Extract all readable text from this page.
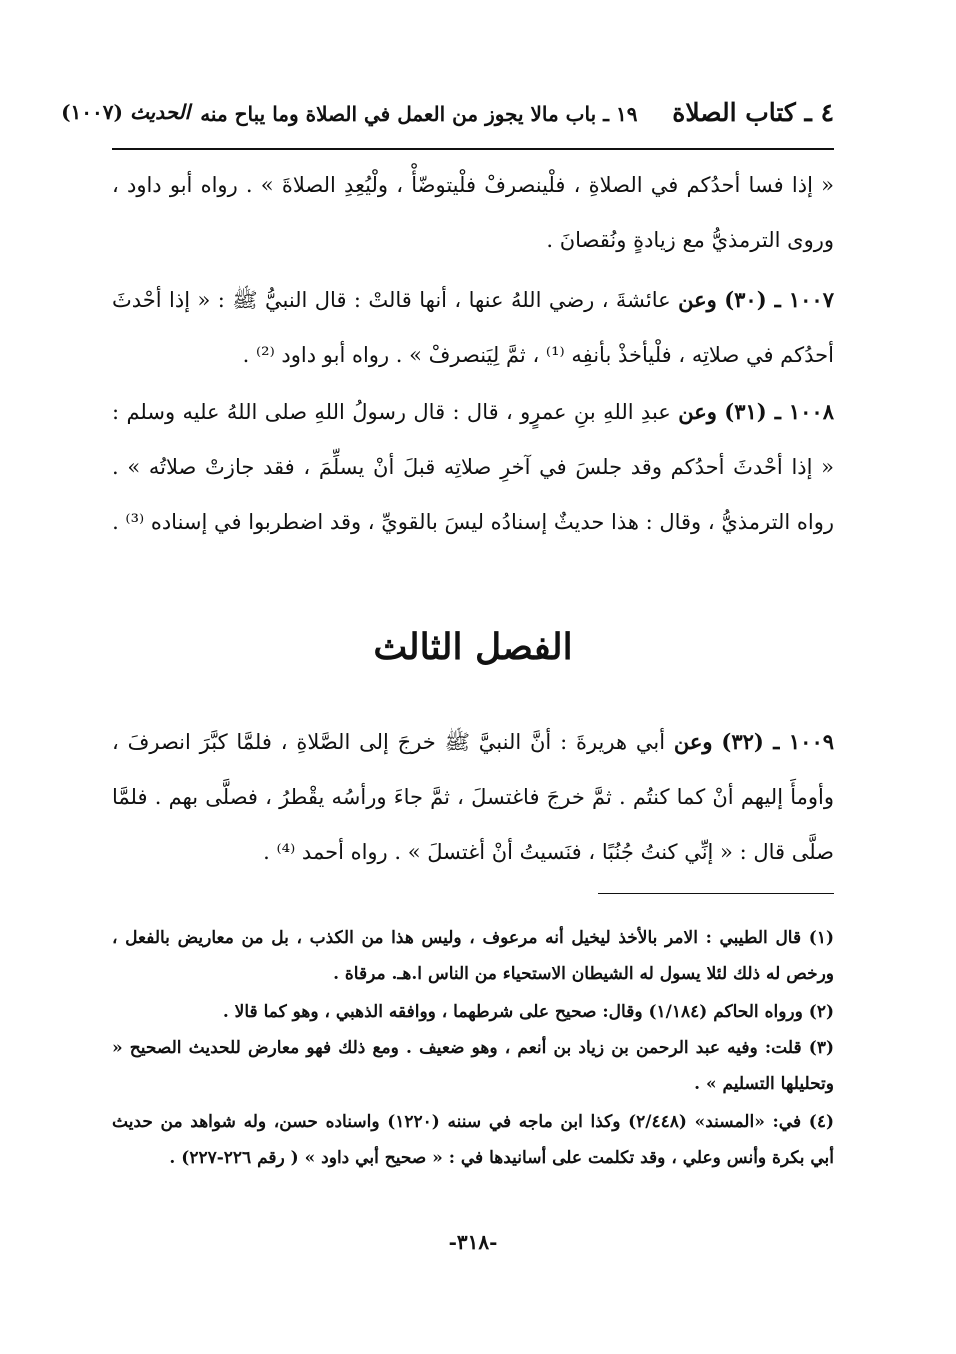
٤ ـ كتاب الصلاة    ١٩ ـ باب مالا يجوز من العمل في الصلاة وما يباح منه
الحديث (١٠٠٧)
« إذا فسا أحدُكم في الصلاةِ ، فلْينصرفْ فلْيتوضّأْ ، ولْيُعِدِ الصلاةَ » . رواه أبو داود ، وروى الترمذيُّ مع زيادةٍ ونُقصانَ .
١٠٠٧ ـ (٣٠) وعن عائشةَ ، رضي اللهُ عنها ، أنها قالتْ : قال النبيُّ ﷺ : « إذا أحْدثَ أحدُكم في صلاتِه ، فلْيأخذْ بأنفِه ⁽¹⁾ ، ثمَّ لِيَنصرفْ » . رواه أبو داود ⁽²⁾ .
١٠٠٨ ـ (٣١) وعن عبدِ اللهِ بنِ عمرٍو ، قال : قال رسولُ اللهِ صلى اللهُ عليه وسلم : « إذا أحْدثَ أحدُكم وقد جلسَ في آخرِ صلاتِه قبلَ أنْ يسلِّمَ ، فقد جازتْ صلاتُه » . رواه الترمذيُّ ، وقال : هذا حديثٌ إسنادُه ليسَ بالقويِّ ، وقد اضطربوا في إسناده ⁽³⁾ .
الفصل الثالث
١٠٠٩ ـ (٣٢) وعن أبي هريرةَ : أنَّ النبيَّ ﷺ خرجَ إلى الصَّلاةِ ، فلمَّا كبَّرَ انصرفَ ، وأومأَ إليهم أنْ كما كنتُم . ثمَّ خرجَ فاغتسلَ ، ثمَّ جاءَ ورأسُه يقْطرُ ، فصلَّى بهم . فلمَّا صلَّى قال : « إنِّي كنتُ جُنُبًا ، فنَسيتُ أنْ أغتسلَ » . رواه أحمد ⁽⁴⁾ .
(١) قال الطيبي : الامر بالأخذ ليخيل أنه مرعوف ، وليس هذا من الكذب ، بل من معاريض بالفعل ، ورخص له ذلك لئلا يسول له الشيطان الاستحياء من الناس ا.هـ. مرقاة .
(٢) ورواه الحاكم (١/١٨٤) وقال: صحيح على شرطهما ، ووافقه الذهبي ، وهو كما قالا .
(٣) قلت: وفيه عبد الرحمن بن زياد بن أنعم ، وهو ضعيف . ومع ذلك فهو معارض للحديث الصحيح « وتحليلها التسليم » .
(٤) في: «المسند» (٢/٤٤٨) وكذا ابن ماجه في سننه (١٢٢٠) واسناده حسن، وله شواهد من حديث أبي بكرة وأنس وعلي ، وقد تكلمت على أسانيدها في : « صحيح أبي داود » ( رقم ٢٢٦-٢٢٧) .
-٣١٨-
